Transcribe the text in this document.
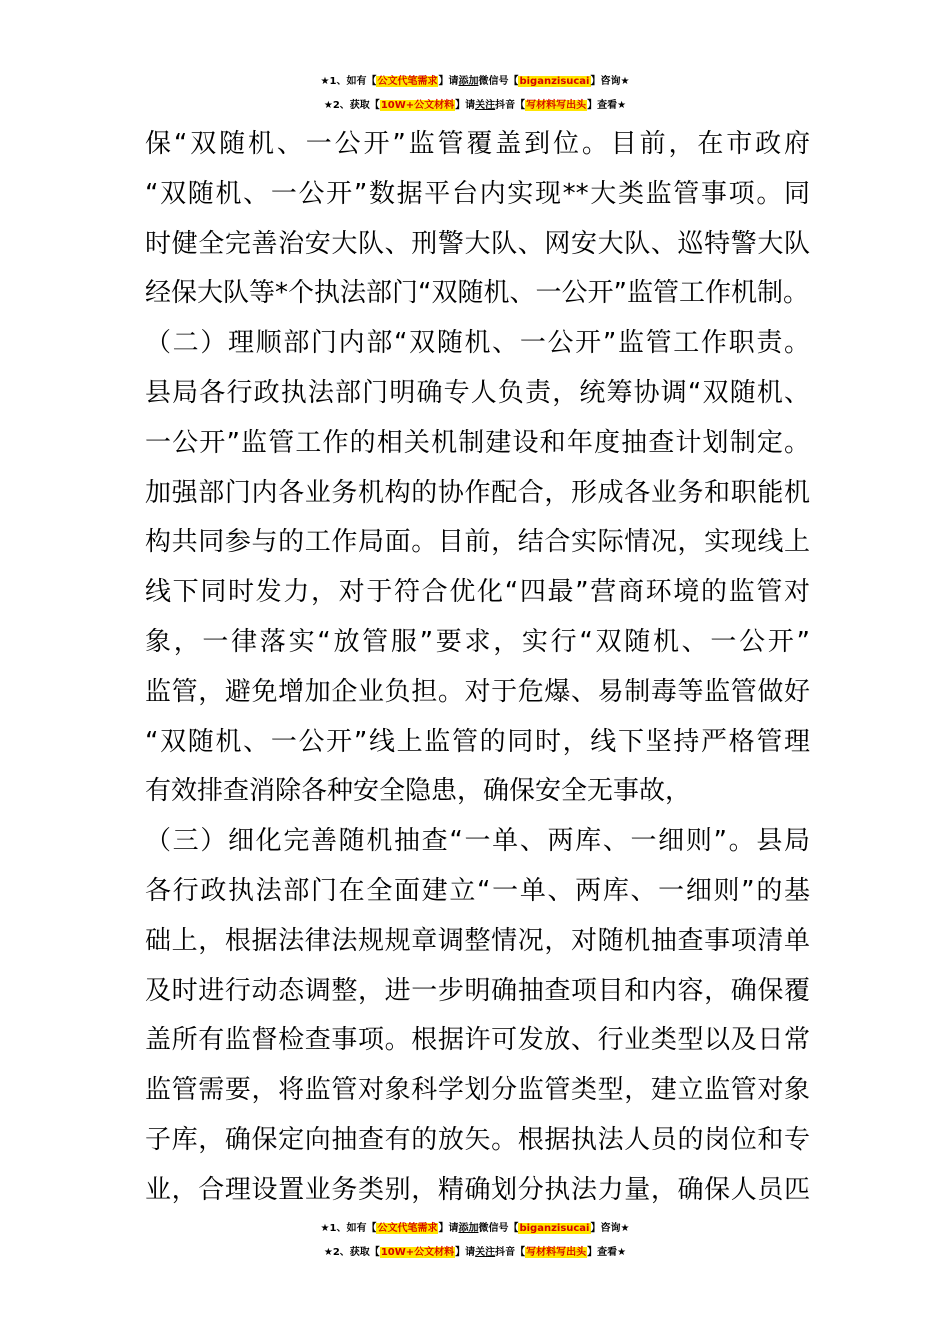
★1、如有【公文代笔需求】请添加微信号【biganzisucai】咨询★
★2、获取【10W+公文材料】请关注抖音【写材料写出头】查看★
保“双随机、一公开”监管覆盖到位。目前，在市政府
“双随机、一公开”数据平台内实现**大类监管事项。同
时健全完善治安大队、刑警大队、网安大队、巡特警大队
经保大队等*个执法部门“双随机、一公开”监管工作机制。
（二）理顺部门内部“双随机、一公开”监管工作职责。
县局各行政执法部门明确专人负责，统筹协调“双随机、
一公开”监管工作的相关机制建设和年度抽查计划制定。
加强部门内各业务机构的协作配合，形成各业务和职能机
构共同参与的工作局面。目前，结合实际情况，实现线上
线下同时发力，对于符合优化“四最”营商环境的监管对
象，一律落实“放管服”要求，实行“双随机、一公开”
监管，避免增加企业负担。对于危爆、易制毒等监管做好
“双随机、一公开”线上监管的同时，线下坚持严格管理
有效排查消除各种安全隐患，确保安全无事故，
（三）细化完善随机抽查“一单、两库、一细则”。县局
各行政执法部门在全面建立“一单、两库、一细则”的基
础上，根据法律法规规章调整情况，对随机抽查事项清单
及时进行动态调整，进一步明确抽查项目和内容，确保覆
盖所有监督检查事项。根据许可发放、行业类型以及日常
监管需要，将监管对象科学划分监管类型，建立监管对象
子库，确保定向抽查有的放矢。根据执法人员的岗位和专
业，合理设置业务类别，精确划分执法力量，确保人员匹
★1、如有【公文代笔需求】请添加微信号【biganzisucai】咨询★
★2、获取【10W+公文材料】请关注抖音【写材料写出头】查看★
